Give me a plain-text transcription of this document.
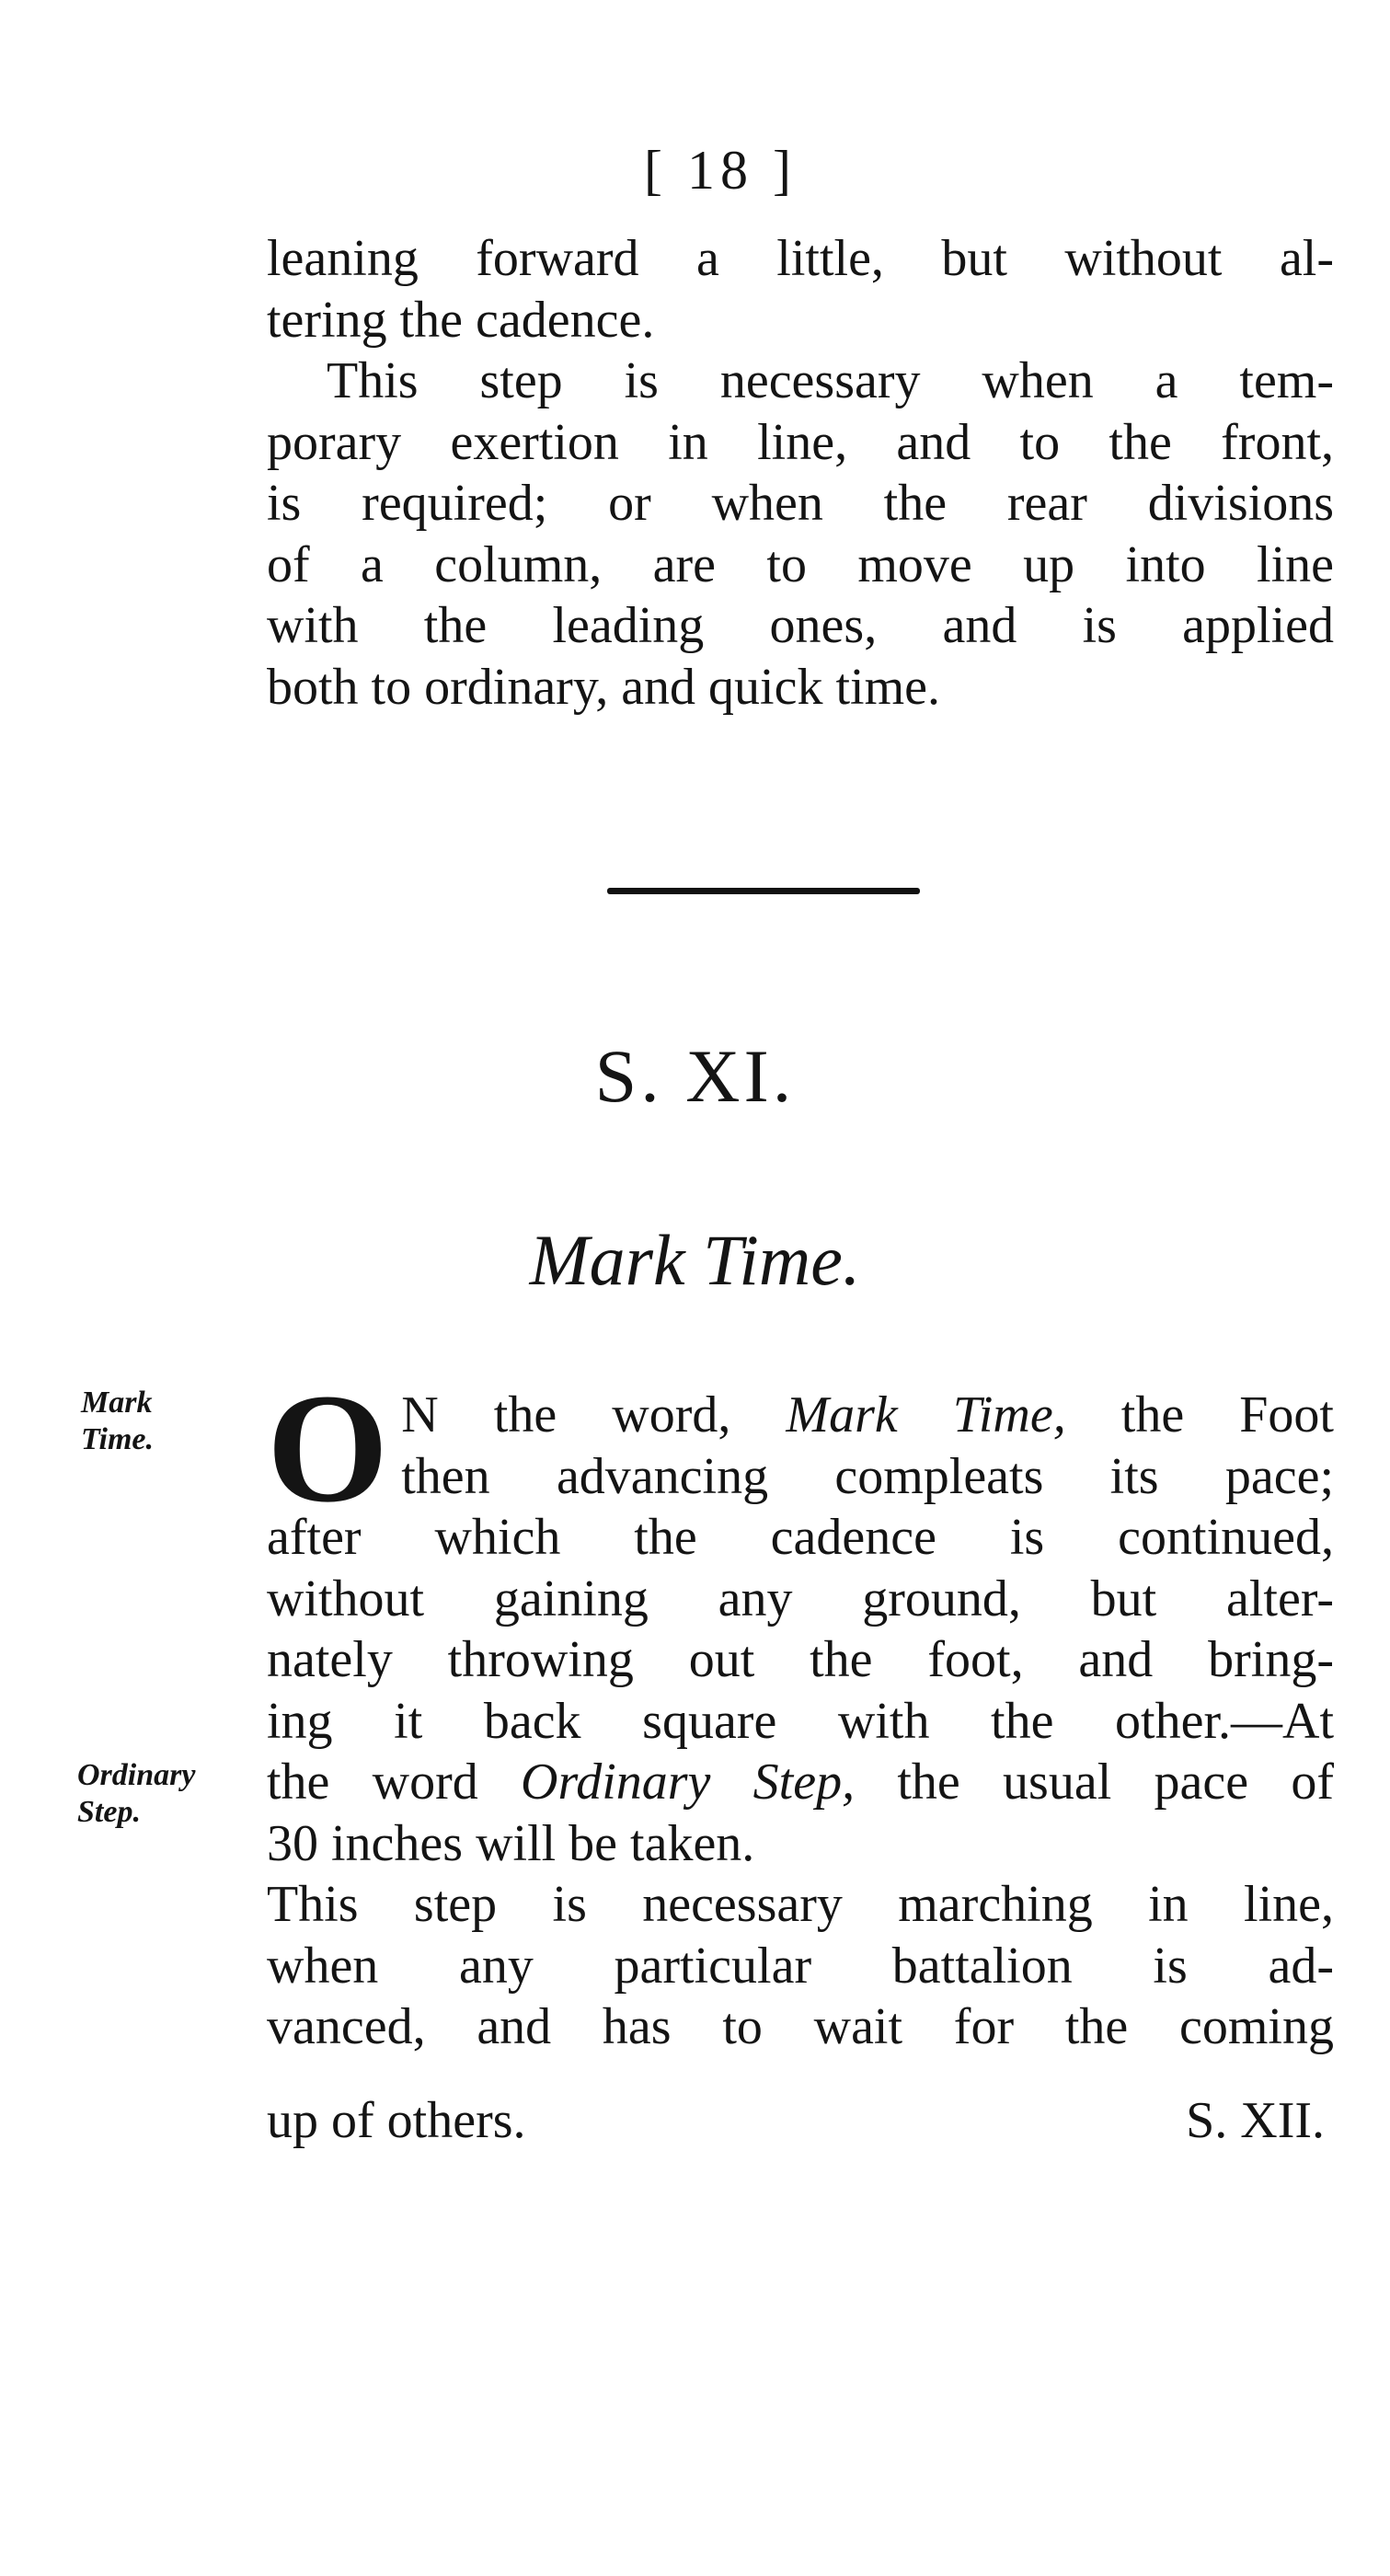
[ 18 ]
leaning forward a little, but without al-
tering the cadence.
This step is necessary when a tem-
porary exertion in line, and to the front,
is required; or when the rear divisions
of a column, are to move up into line
with the leading ones, and is applied
both to ordinary, and quick time.
S. XI.
Mark Time.
Mark Time.
Ordinary Step.
O N the word, Mark Time, the Foot
then advancing compleats its pace;
after which the cadence is continued,
without gaining any ground, but alter-
nately throwing out the foot, and bring-
ing it back square with the other.—At
the word Ordinary Step, the usual pace of
30 inches will be taken.
This step is necessary marching in line,
when any particular battalion is ad-
vanced, and has to wait for the coming
up of others.	S. XII.
